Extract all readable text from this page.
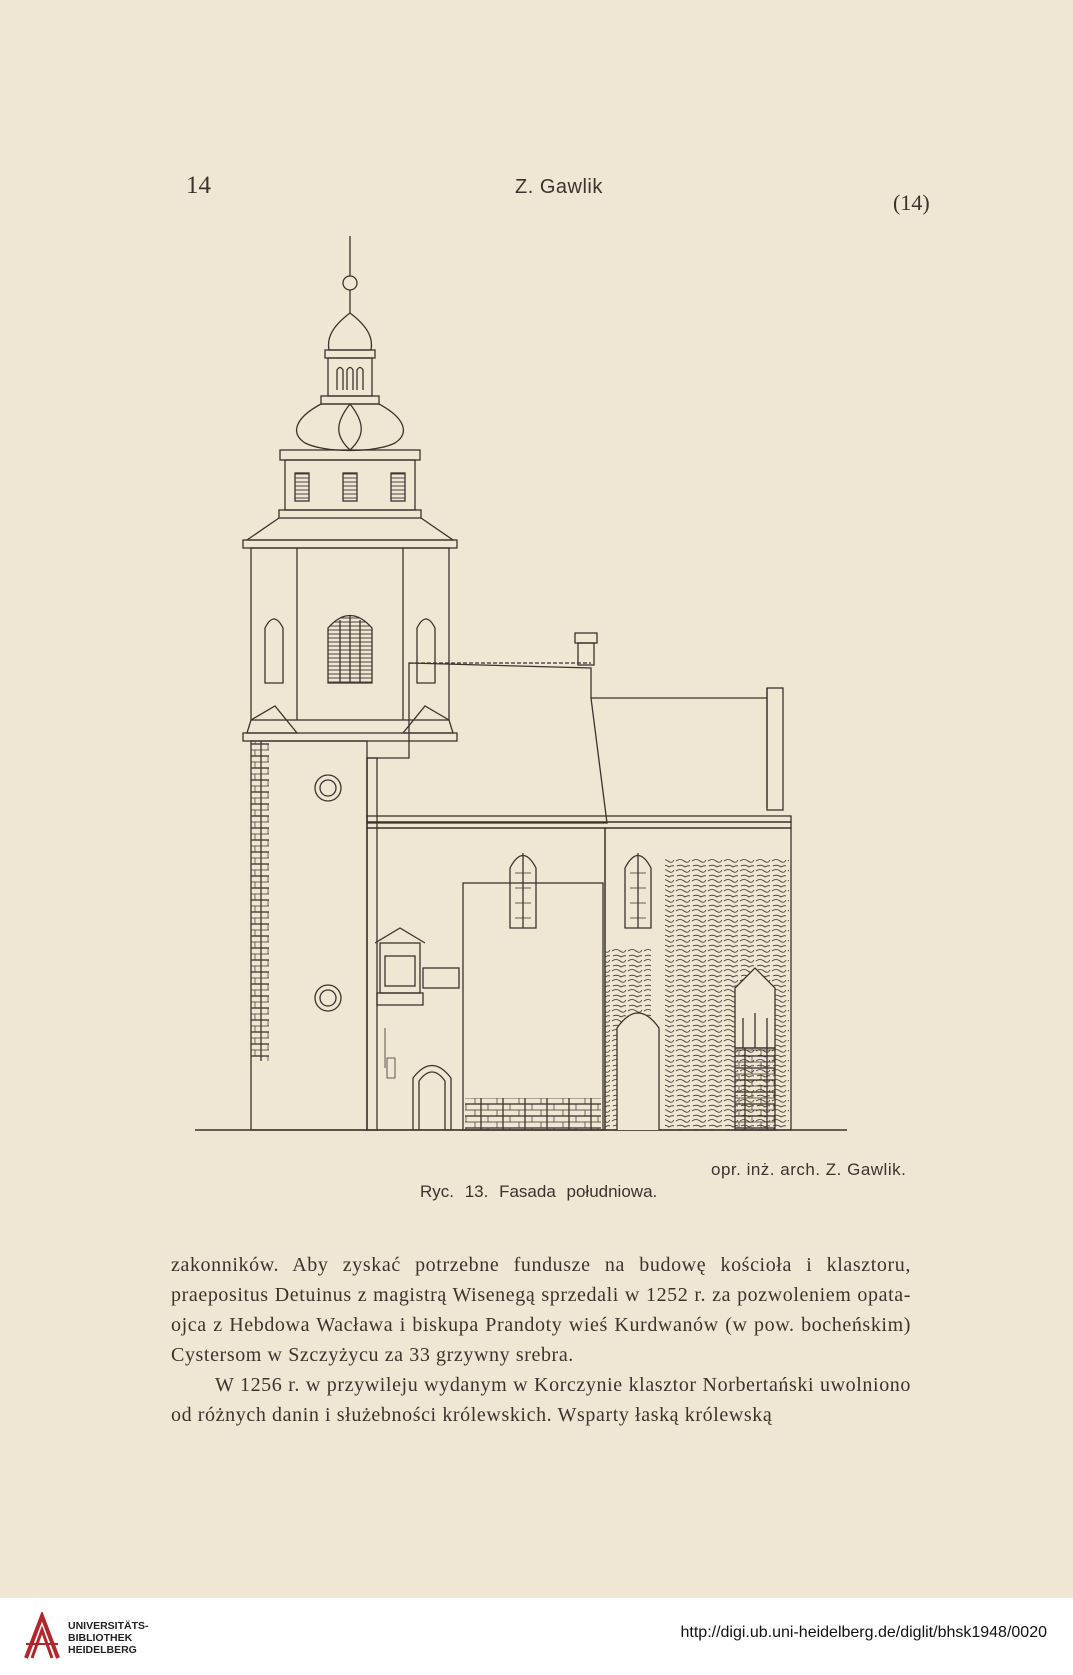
14	Z. Gawlik
(14)
opr. inż. arch. Z. Gawlik.
Ryc. 13. Fasada południowa.

zakonników. Aby zyskać potrzebne fundusze na budowę kościoła i klasztoru, praepositus Detuinus z magistrą Wisenegą sprzedali w 1252 r. za pozwoleniem opata-ojca z Hebdowa Wacława i biskupa Prandoty wieś Kurdwanów (w pow. bocheńskim) Cystersom w Szczyżycu za 33 grzywny srebra.

W 1256 r. w przywileju wydanym w Korczynie klasztor Norbertański uwolniono od różnych danin i służebności królewskich. Wsparty łaską królewską

UNIVERSITÄTS-
BIBLIOTHEK
HEIDELBERG
http://digi.ub.uni-heidelberg.de/diglit/bhsk1948/0020
